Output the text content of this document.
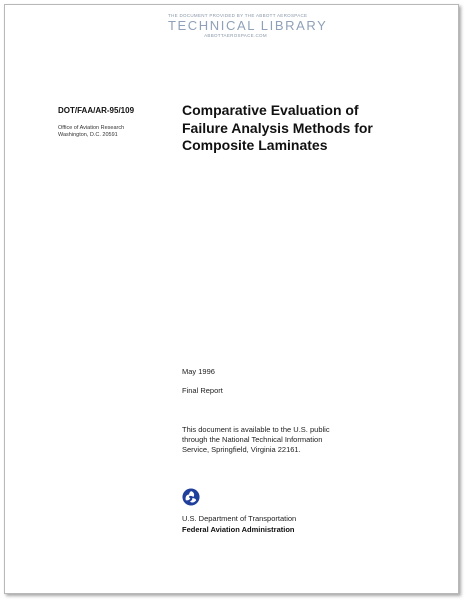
THE DOCUMENT PROVIDED BY THE ABBOTT AEROSPACE
TECHNICAL LIBRARY
ABBOTTAEROSPACE.COM
DOT/FAA/AR-95/109
Office of Aviation Research
Washington, D.C. 20591
Comparative Evaluation of
Failure Analysis Methods for
Composite Laminates
May 1996
Final Report
This document is available to the U.S. public
through the National Technical Information
Service, Springfield, Virginia 22161.
U.S. Department of Transportation
Federal Aviation Administration
